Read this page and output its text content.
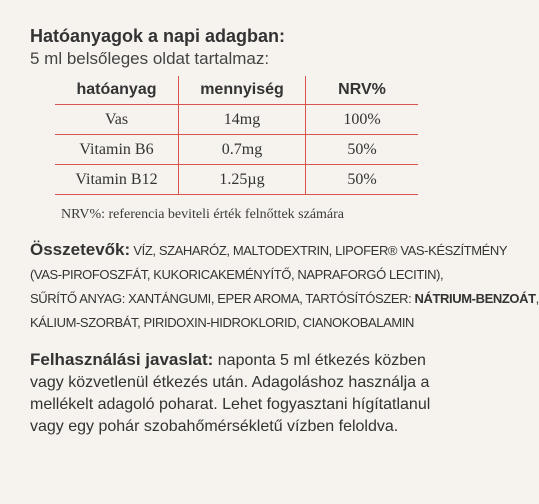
Hatóanyagok a napi adagban:
5 ml belsőleges oldat tartalmaz:
hatóanyag	mennyiség	NRV%
Vas	14mg	100%
Vitamin B6	0.7mg	50%
Vitamin B12	1.25µg	50%
NRV%: referencia beviteli érték felnőttek számára
Összetevők: VÍZ, SZAHARÓZ, MALTODEXTRIN, LIPOFER® VAS-KÉSZÍTMÉNY
(VAS-PIROFOSZFÁT, KUKORICAKEMÉNYÍTŐ, NAPRAFORGÓ LECITIN),
SŰRÍTŐ ANYAG: XANTÁNGUMI, EPER AROMA, TARTÓSÍTÓSZER: NÁTRIUM-BENZOÁT,
KÁLIUM-SZORBÁT, PIRIDOXIN-HIDROKLORID, CIANOKOBALAMIN
Felhasználási javaslat: naponta 5 ml étkezés közben
vagy közvetlenül étkezés után. Adagoláshoz használja a
mellékelt adagoló poharat. Lehet fogyasztani hígítatlanul
vagy egy pohár szobahőmérsékletű vízben feloldva.
